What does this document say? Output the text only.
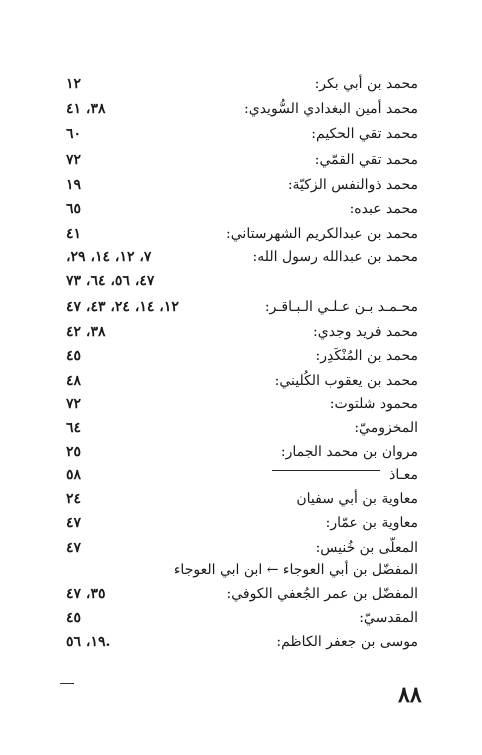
محمد بن أبي بكر:
١٢
محمد أمين البغدادي السُّويدي:
٣٨، ٤١
محمد تقي الحكيم:
٦٠
محمد تقي القمّي:
٧٢
محمد ذوالنفس الزكيّة:
١٩
محمد عبده:
٦٥
محمد بن عبدالكريم الشهرستاني:
٤١
محمد بن عبدالله رسول الله:
٧، ١٢، ١٤، ٢٩،
٤٧، ٥٦، ٦٤، ٧٣
محـمـد بـن عـلـي الـبـاقـر:
١٢، ١٤، ٢٤، ٤٣، ٤٧
محمد فريد وجدي:
٣٨، ٤٢
محمد بن المُنْكَدِر:
٤٥
محمد بن يعقوب الكُليني:
٤٨
محمود شلتوت:
٧٢
المخزوميّ:
٦٤
مروان بن محمد الجمار:
٢٥
معـاذ
٥٨
معاوية بن أبي سفيان
٢٤
معاوية بن عمّار:
٤٧
المعلّى بن خُنيس:
٤٧
المفضّل بن أبي العوجاء ← ابن ابي العوجاء
المفضّل بن عمر الجُعفي الكوفي:
٣٥، ٤٧
المقدسيّ:
٤٥
موسى بن جعفر الكاظم:
.١٩، ٥٦
٨٨
